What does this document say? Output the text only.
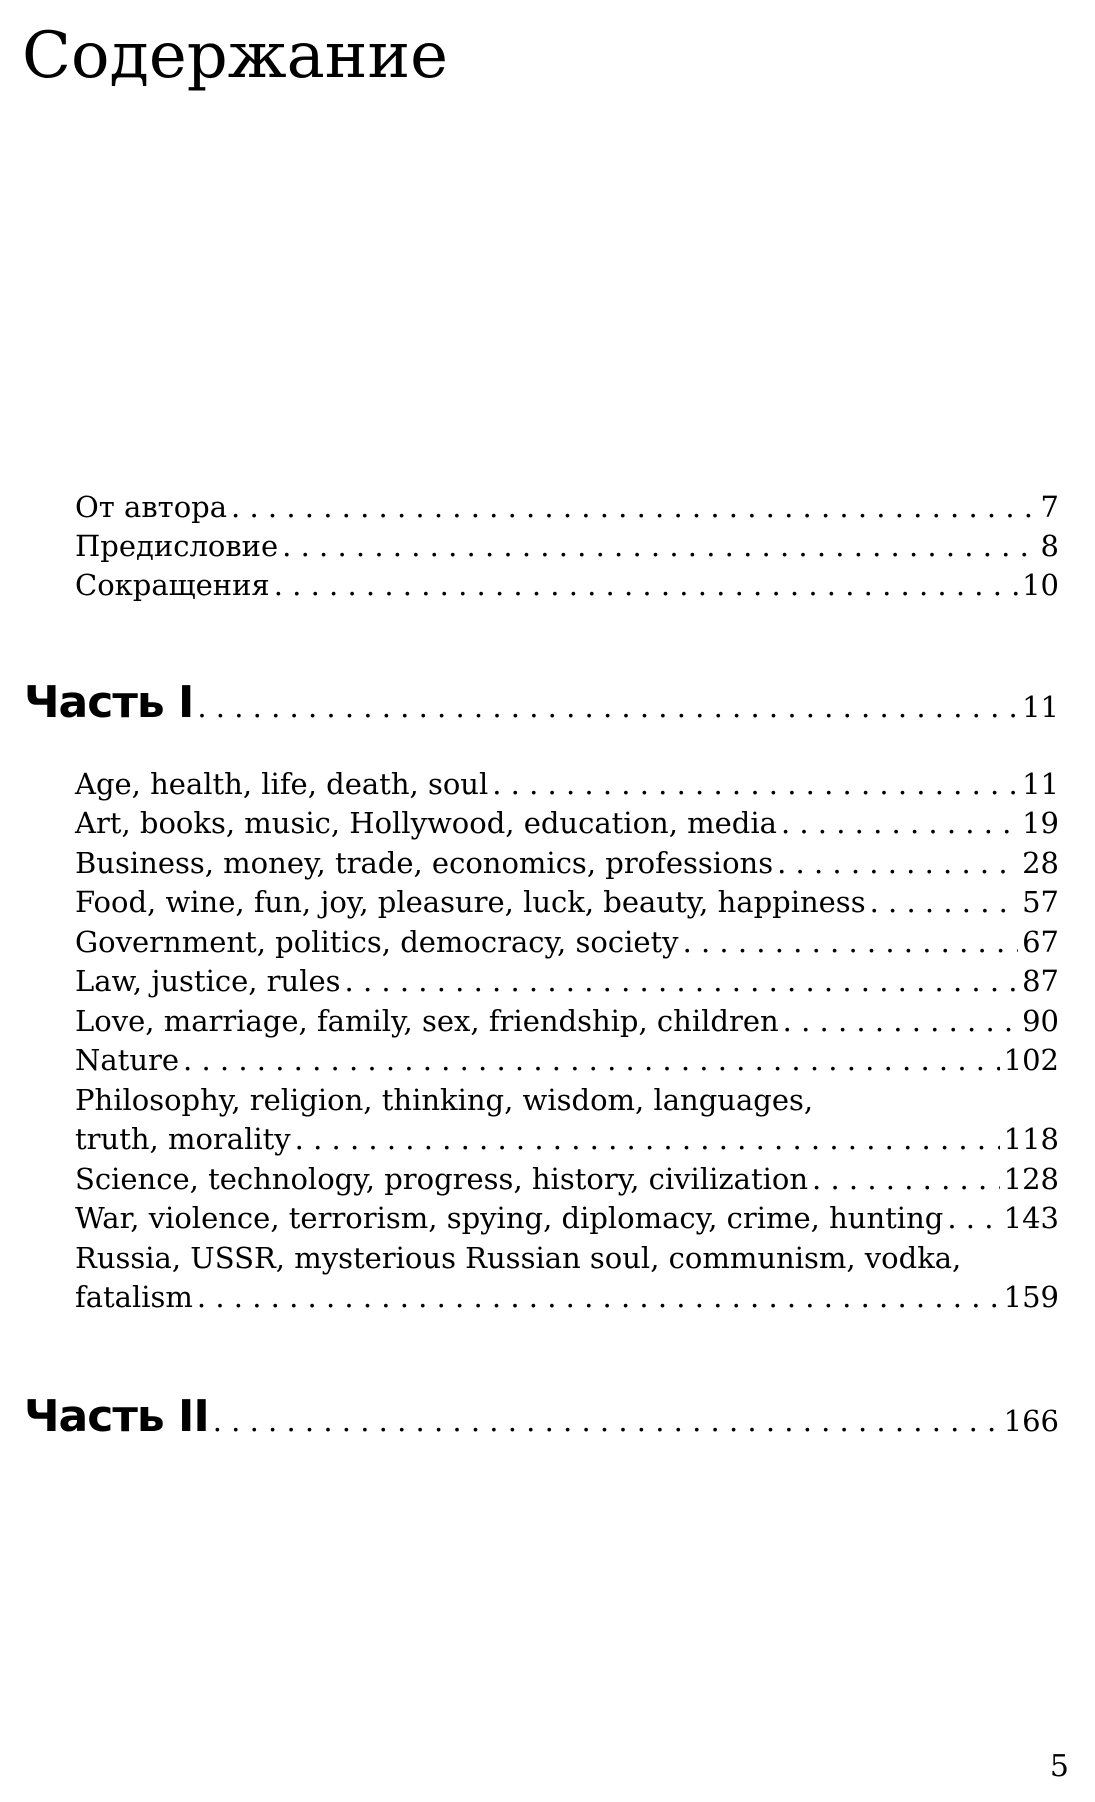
Содержание
От автора . . .	7
Предисловие . . .	8
Сокращения . . .	10
Часть I . . .	11
Age, health, life, death, soul . . .	11
Art, books, music, Hollywood, education, media . . .	19
Business, money, trade, economics, professions . . .	28
Food, wine, fun, joy, pleasure, luck, beauty, happiness . . .	57
Government, politics, democracy, society . . .	67
Law, justice, rules . . .	87
Love, marriage, family, sex, friendship, children . . .	90
Nature . . .	102
Philosophy, religion, thinking, wisdom, languages,
truth, morality . . .	118
Science, technology, progress, history, civilization . . .	128
War, violence, terrorism, spying, diplomacy, crime, hunting . . . 143
Russia, USSR, mysterious Russian soul, communism, vodka,
fatalism . . .	159
Часть II . . .	166
5
